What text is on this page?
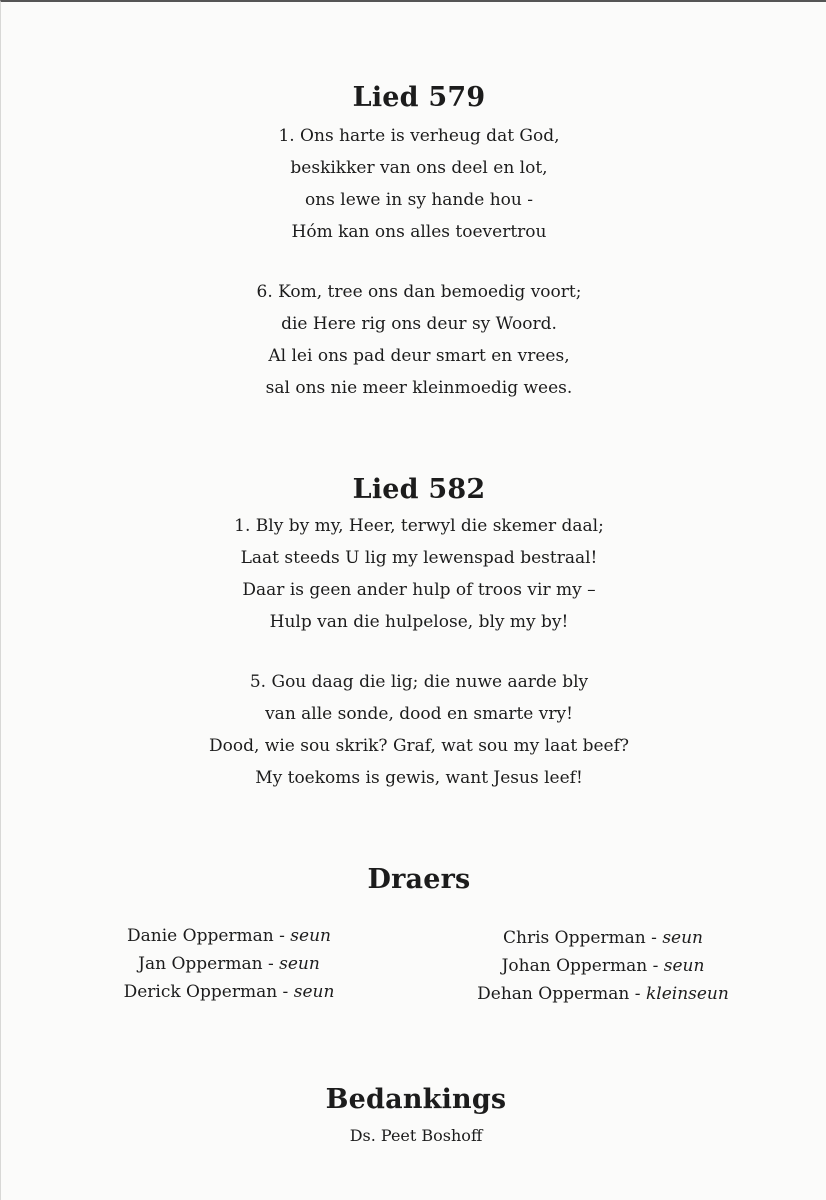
Lied 579
1. Ons harte is verheug dat God,
beskikker van ons deel en lot,
ons lewe in sy hande hou -
Hóm kan ons alles toevertrou
6. Kom, tree ons dan bemoedig voort;
die Here rig ons deur sy Woord.
Al lei ons pad deur smart en vrees,
sal ons nie meer kleinmoedig wees.
Lied 582
1. Bly by my, Heer, terwyl die skemer daal;
Laat steeds U lig my lewenspad bestraal!
Daar is geen ander hulp of troos vir my –
Hulp van die hulpelose, bly my by!
5. Gou daag die lig; die nuwe aarde bly
van alle sonde, dood en smarte vry!
Dood, wie sou skrik? Graf, wat sou my laat beef?
My toekoms is gewis, want Jesus leef!
Draers
Danie Opperman - seun
Jan Opperman - seun
Derick Opperman - seun
Chris Opperman - seun
Johan Opperman - seun
Dehan Opperman - kleinseun
Bedankings
Ds. Peet Boshoff
